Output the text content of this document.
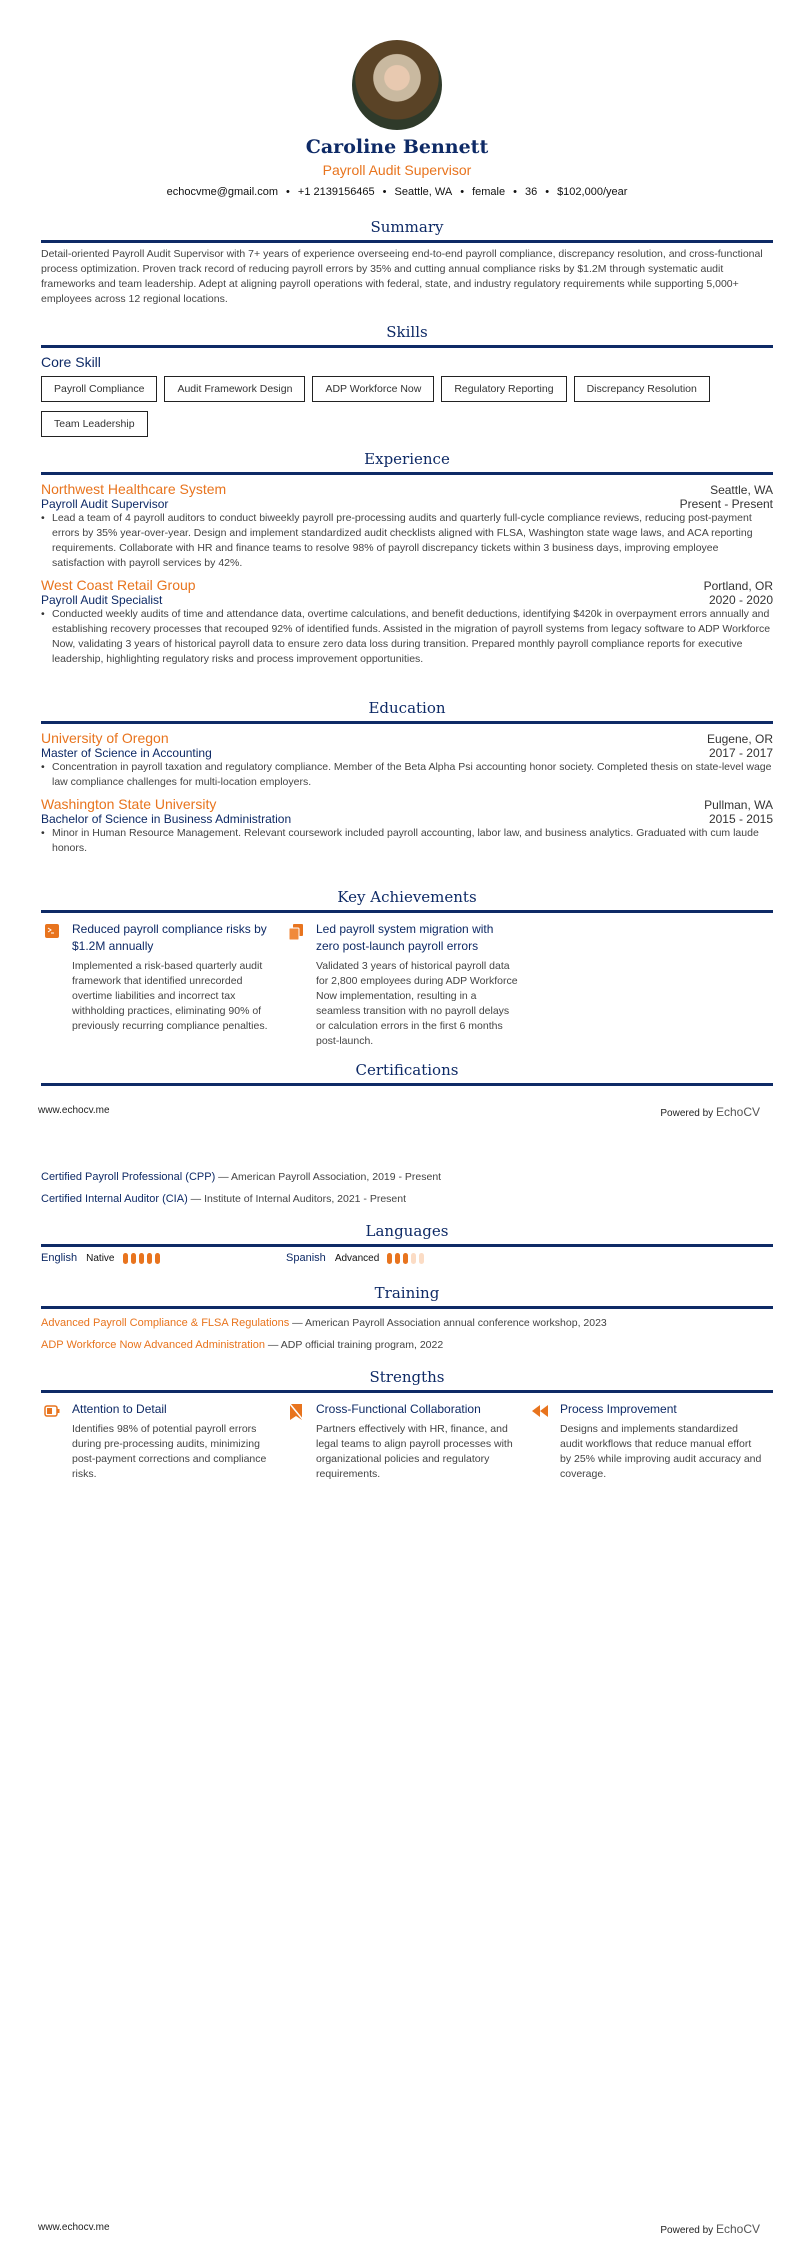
Caroline Bennett
Payroll Audit Supervisor
echocvme@gmail.com • +1 2139156465 • Seattle, WA • female • 36 • $102,000/year
Summary

Detail-oriented Payroll Audit Supervisor with 7+ years of experience overseeing end-to-end payroll compliance, discrepancy resolution, and cross-functional process optimization. Proven track record of reducing payroll errors by 35% and cutting annual compliance risks by $1.2M through systematic audit frameworks and team leadership. Adept at aligning payroll operations with federal, state, and industry regulatory requirements while supporting 5,000+ employees across 12 regional locations.

Skills
Core Skill
Payroll Compliance	Audit Framework Design	ADP Workforce Now	Regulatory Reporting	Discrepancy Resolution
Team Leadership
Experience
Northwest Healthcare System	Seattle, WA
Payroll Audit Supervisor	Present - Present
• Lead a team of 4 payroll auditors to conduct biweekly payroll pre-processing audits and quarterly full-cycle compliance reviews, reducing post-payment errors by 35% year-over-year. Design and implement standardized audit checklists aligned with FLSA, Washington state wage laws, and ACA reporting requirements. Collaborate with HR and finance teams to resolve 98% of payroll discrepancy tickets within 3 business days, improving employee satisfaction with payroll services by 42%.
West Coast Retail Group	Portland, OR
Payroll Audit Specialist	2020 - 2020
• Conducted weekly audits of time and attendance data, overtime calculations, and benefit deductions, identifying $420k in overpayment errors annually and establishing recovery processes that recouped 92% of identified funds. Assisted in the migration of payroll systems from legacy software to ADP Workforce Now, validating 3 years of historical payroll data to ensure zero data loss during transition. Prepared monthly payroll compliance reports for executive leadership, highlighting regulatory risks and process improvement opportunities.
Education
University of Oregon	Eugene, OR
Master of Science in Accounting	2017 - 2017
• Concentration in payroll taxation and regulatory compliance. Member of the Beta Alpha Psi accounting honor society. Completed thesis on state-level wage law compliance challenges for multi-location employers.
Washington State University	Pullman, WA
Bachelor of Science in Business Administration	2015 - 2015
• Minor in Human Resource Management. Relevant coursework included payroll accounting, labor law, and business analytics. Graduated with cum laude honors.
Key Achievements
Reduced payroll compliance risks by $1.2M annually
Implemented a risk-based quarterly audit framework that identified unrecorded overtime liabilities and incorrect tax withholding practices, eliminating 90% of previously recurring compliance penalties.
Led payroll system migration with zero post-launch payroll errors
Validated 3 years of historical payroll data for 2,800 employees during ADP Workforce Now implementation, resulting in a seamless transition with no payroll delays or calculation errors in the first 6 months post-launch.
Certifications
www.echocv.me	Powered by EchoCV
Certified Payroll Professional (CPP) — American Payroll Association, 2019 - Present
Certified Internal Auditor (CIA) — Institute of Internal Auditors, 2021 - Present
Languages
English Native	Spanish Advanced
Training
Advanced Payroll Compliance & FLSA Regulations — American Payroll Association annual conference workshop, 2023
ADP Workforce Now Advanced Administration — ADP official training program, 2022
Strengths
Attention to Detail
Identifies 98% of potential payroll errors during pre-processing audits, minimizing post-payment corrections and compliance risks.
Cross-Functional Collaboration
Partners effectively with HR, finance, and legal teams to align payroll processes with organizational policies and regulatory requirements.
Process Improvement
Designs and implements standardized audit workflows that reduce manual effort by 25% while improving audit accuracy and coverage.
www.echocv.me	Powered by EchoCV
